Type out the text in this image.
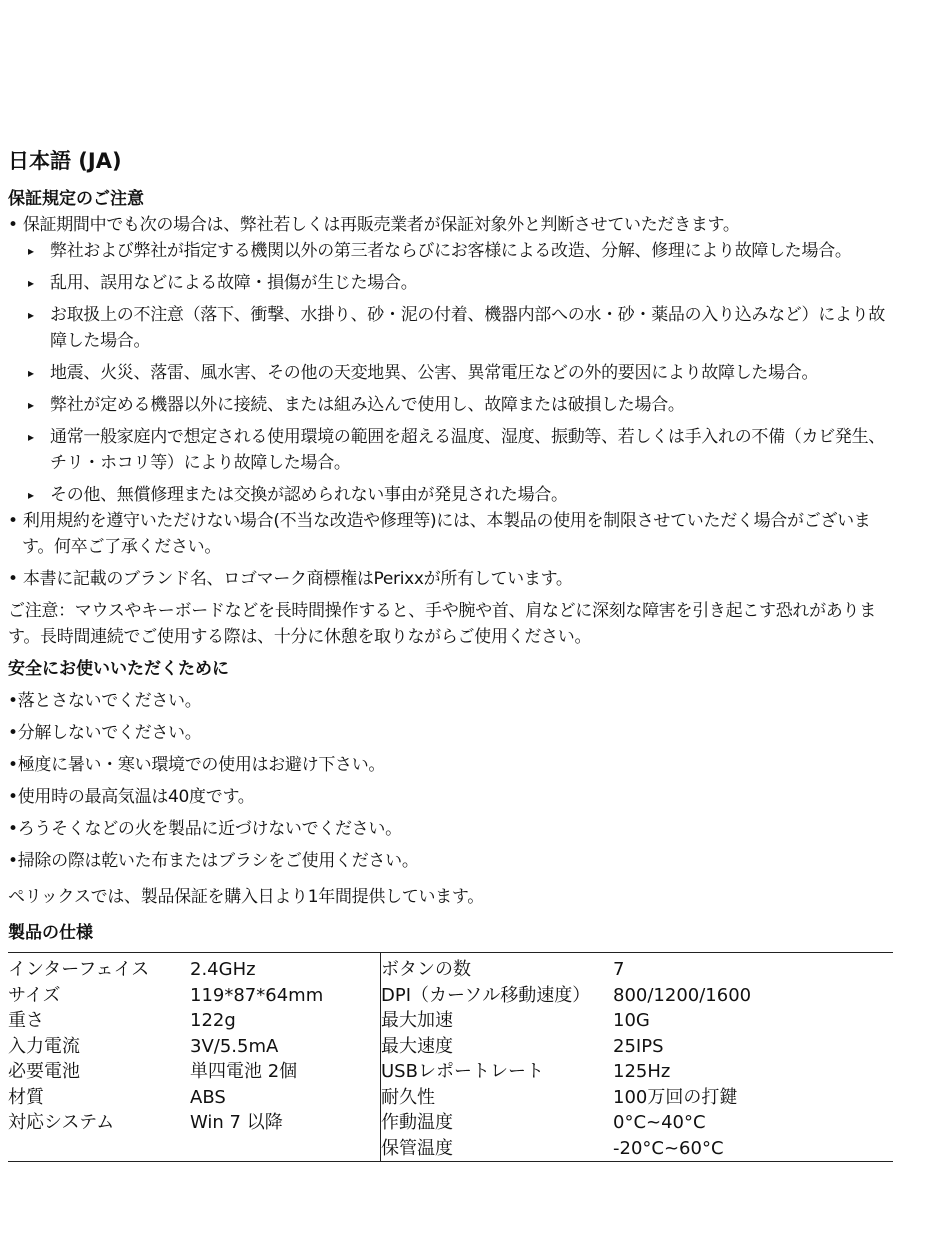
日本語 (JA)
保証規定のご注意
• 保証期間中でも次の場合は、弊社若しくは再販売業者が保証対象外と判断させていただきます。
▸ 弊社および弊社が指定する機関以外の第三者ならびにお客様による改造、分解、修理により故障した場合。
▸ 乱用、誤用などによる故障・損傷が生じた場合。
▸ お取扱上の不注意（落下、衝撃、水掛り、砂・泥の付着、機器内部への水・砂・薬品の入り込みなど）により故障した場合。
▸ 地震、火災、落雷、風水害、その他の天変地異、公害、異常電圧などの外的要因により故障した場合。
▸ 弊社が定める機器以外に接続、または組み込んで使用し、故障または破損した場合。
▸ 通常一般家庭内で想定される使用環境の範囲を超える温度、湿度、振動等、若しくは手入れの不備（カビ発生、チリ・ホコリ等）により故障した場合。
▸ その他、無償修理または交換が認められない事由が発見された場合。
• 利用規約を遵守いただけない場合(不当な改造や修理等)には、本製品の使用を制限させていただく場合がございます。何卒ご了承ください。
• 本書に記載のブランド名、ロゴマーク商標権はPerixxが所有しています。
ご注意：マウスやキーボードなどを長時間操作すると、手や腕や首、肩などに深刻な障害を引き起こす恐れがあります。長時間連続でご使用する際は、十分に休憩を取りながらご使用ください。
安全にお使いいただくために
•落とさないでください。
•分解しないでください。
•極度に暑い・寒い環境での使用はお避け下さい。
•使用時の最高気温は40度です。
•ろうそくなどの火を製品に近づけないでください。
•掃除の際は乾いた布またはブラシをご使用ください。
ペリックスでは、製品保証を購入日より1年間提供しています。
製品の仕様

インターフェイス	2.4GHz	ボタンの数	7
サイズ	119*87*64mm	DPI（カーソル移動速度）	800/1200/1600
重さ	122g	最大加速	10G
入力電流	3V/5.5mA	最大速度	25IPS
必要電池	単四電池 2個	USBレポートレート	125Hz
材質	ABS	耐久性	100万回の打鍵
対応システム	Win 7 以降	作動温度	0°C~40°C
		保管温度	-20°C~60°C
